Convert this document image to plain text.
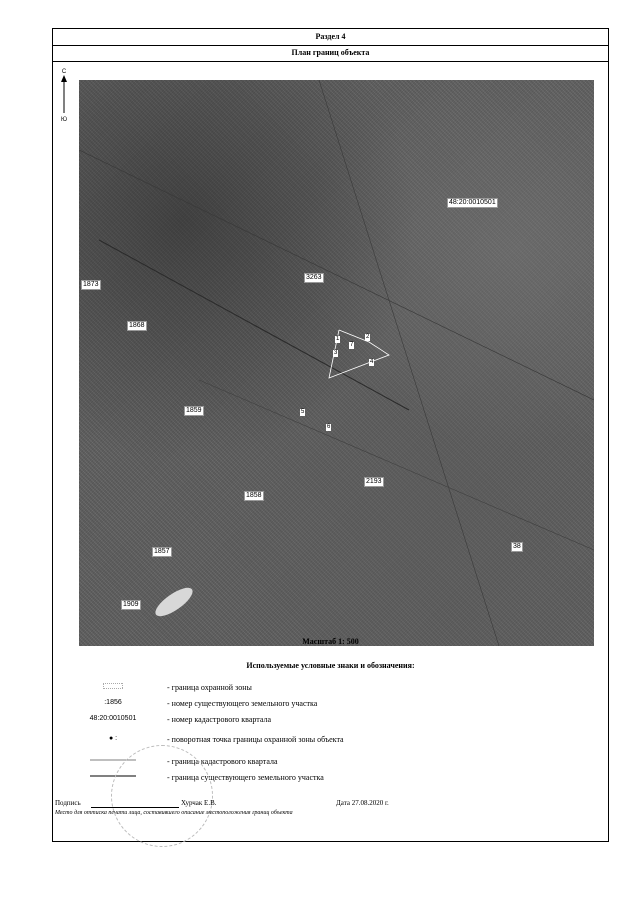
Раздел 4
План границ объекта
С
Ю
48:20:0010501
1873
3263
1868
1859
1858
2193
1857
38
1909
1	2
3
4
5
6
7
Масштаб 1: 500
Используемые условные знаки и обозначения:
- граница охранной зоны
:1856	- номер существующего земельного участка
48:20:0010501	- номер кадастрового квартала
● :	- поворотная точка границы охранной зоны объекта
- граница кадастрового квартала
- граница существующего земельного участка
Подпись	Хурчак Е.В.	Дата 27.08.2020 г.
Место для оттиска печати лица, составившего описание местоположения границ объекта
